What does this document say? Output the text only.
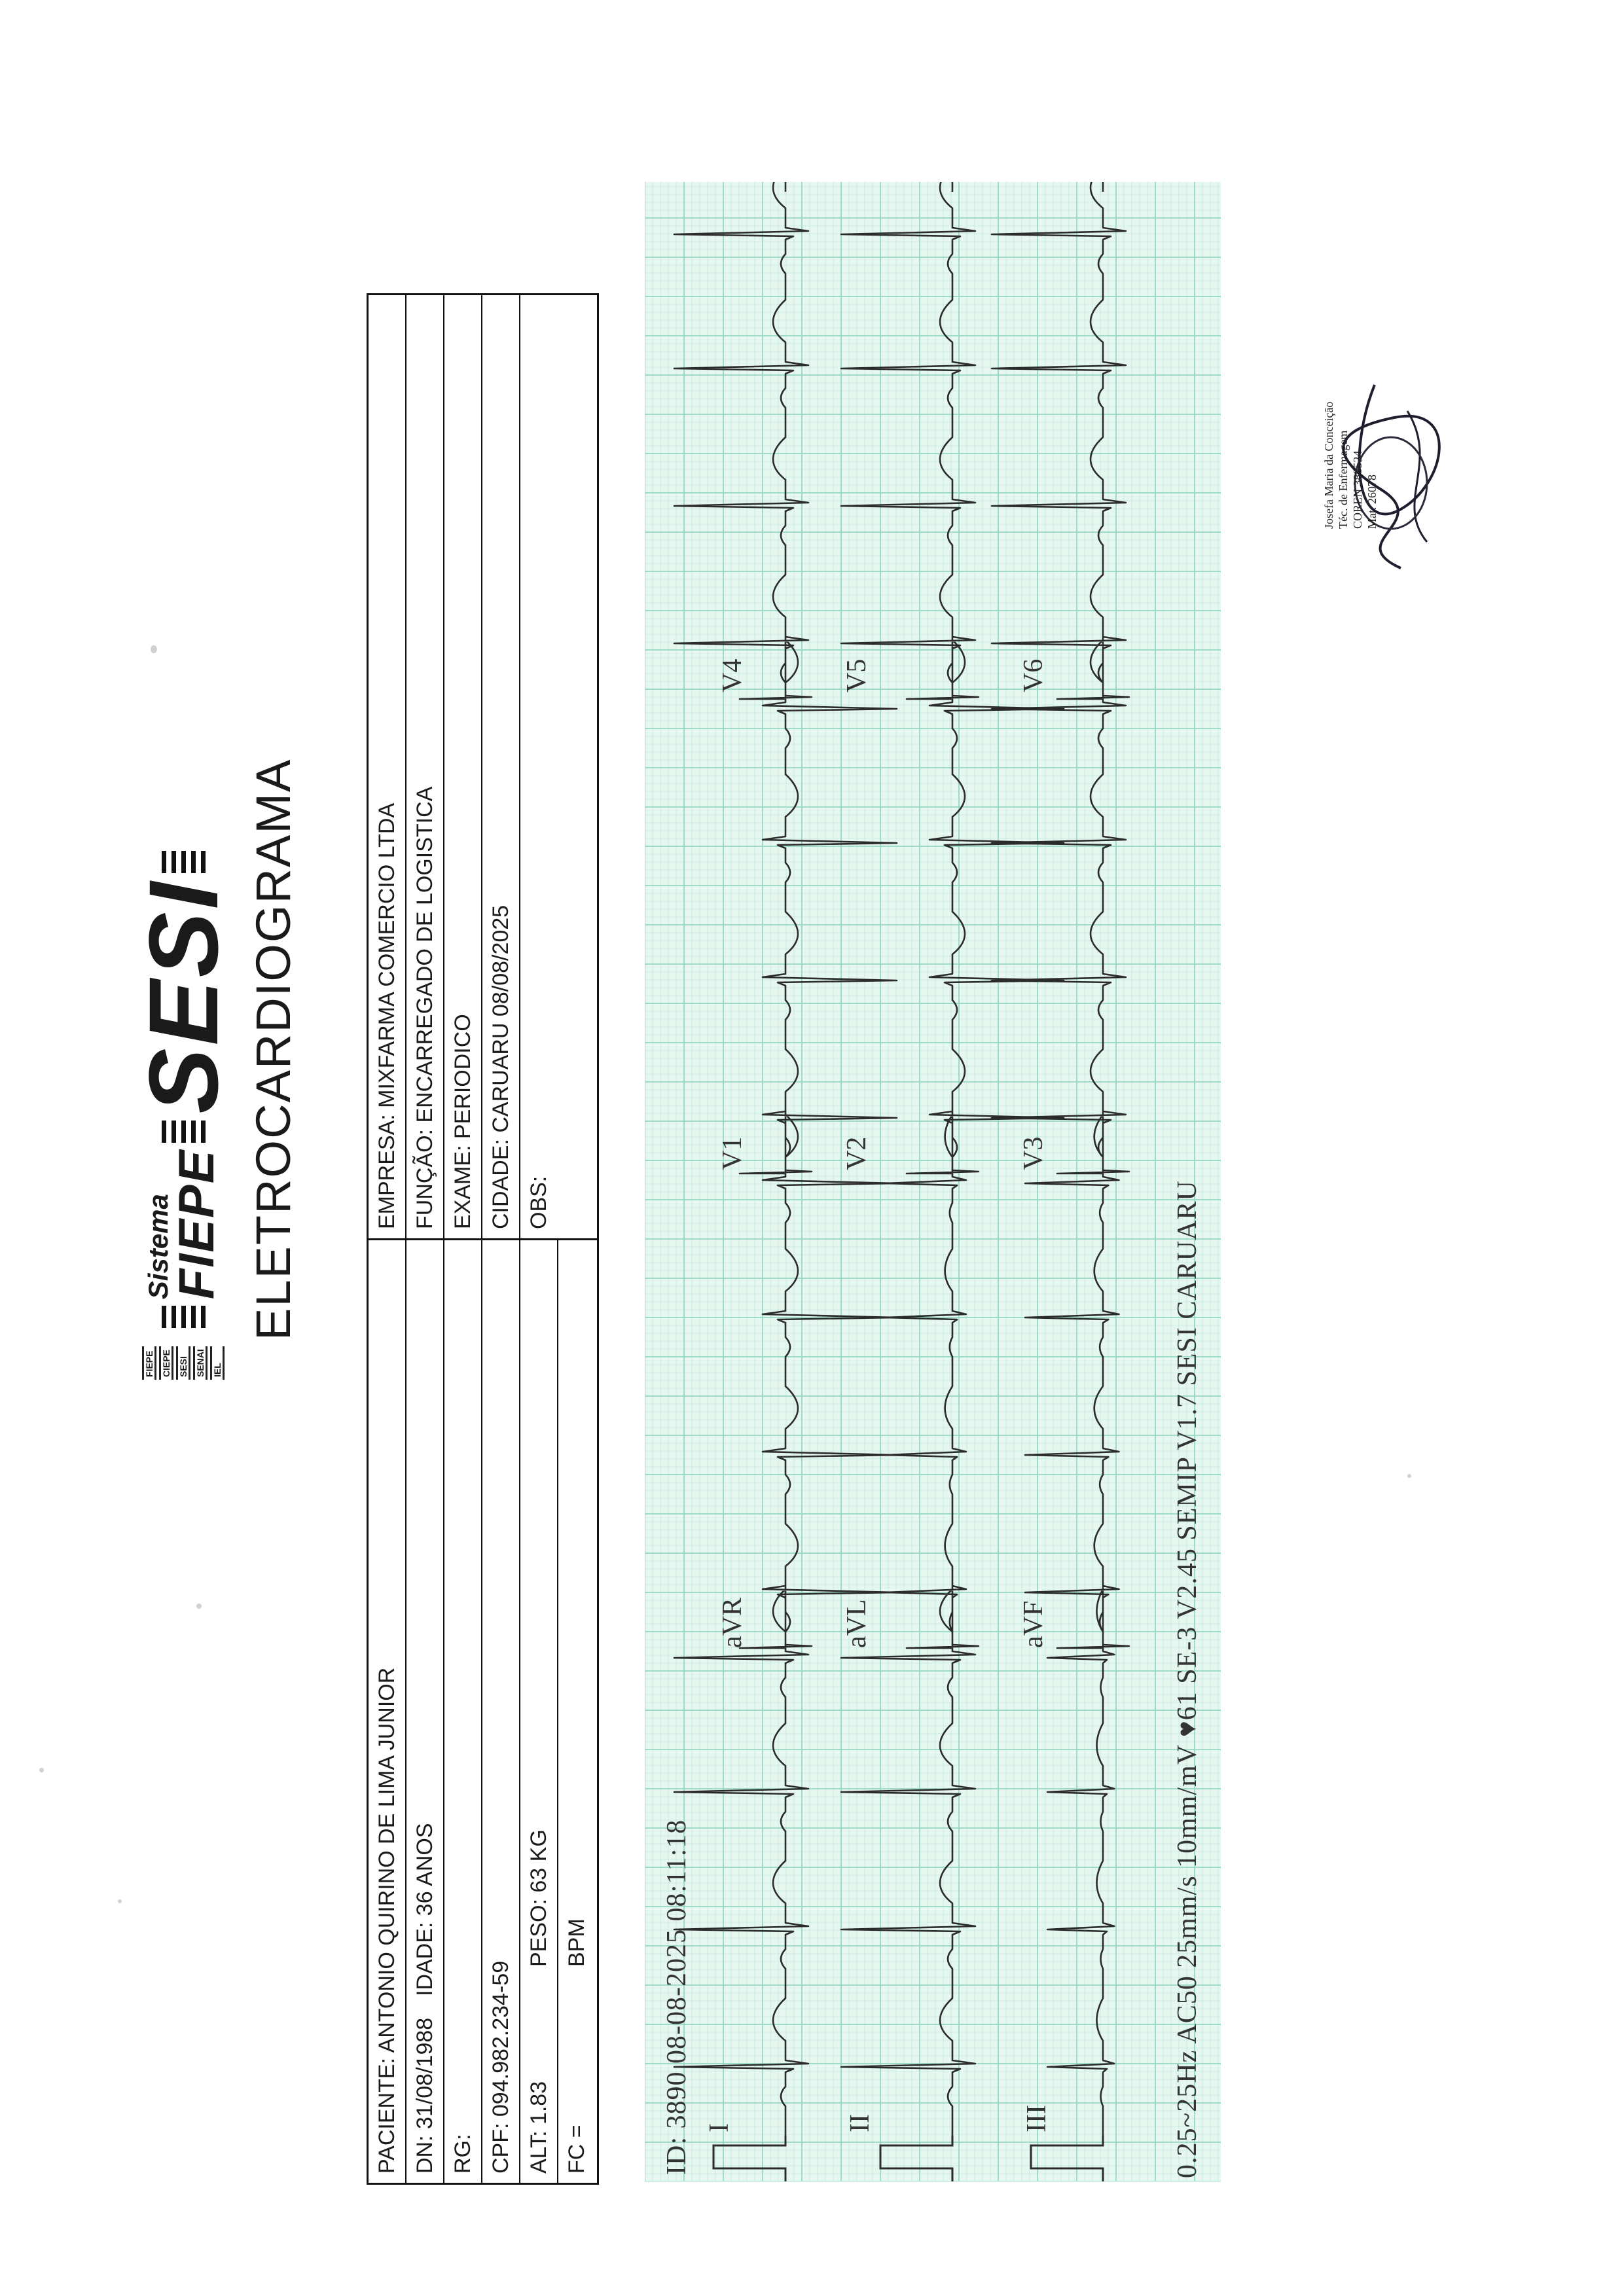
FIEPE CIEPE SESI SENAI IEL
Sistema
FIEPE
SESI
ELETROCARDIOGRAMA
PACIENTE: ANTONIO QUIRINO DE LIMA JUNIOR DN: 31/08/1988
IDADE: 36 ANOS
RG: CPF: 094.982.234-59 ALT: 1.83
PESO: 63 KG
FC =
BPM
EMPRESA: MIXFARMA COMERCIO LTDA FUNÇÃO: ENCARREGADO DE LOGISTICA EXAME: PERIODICO CIDADE: CARUARU 08/08/2025 OBS:
ID: 3890 08-08-2025 08:11:18	0.25~25Hz AC50 25mm/s 10mm/mV ♥61 SE-3 V2.45 SEMIP V1.7 SESI CARUARU
I
aVR
V1
V4
II
aVL
V2
V5
III
aVF
V3
V6
Josefa Maria da Conceição Téc. de Enfermagem COREN 388524 Mat. 26078
